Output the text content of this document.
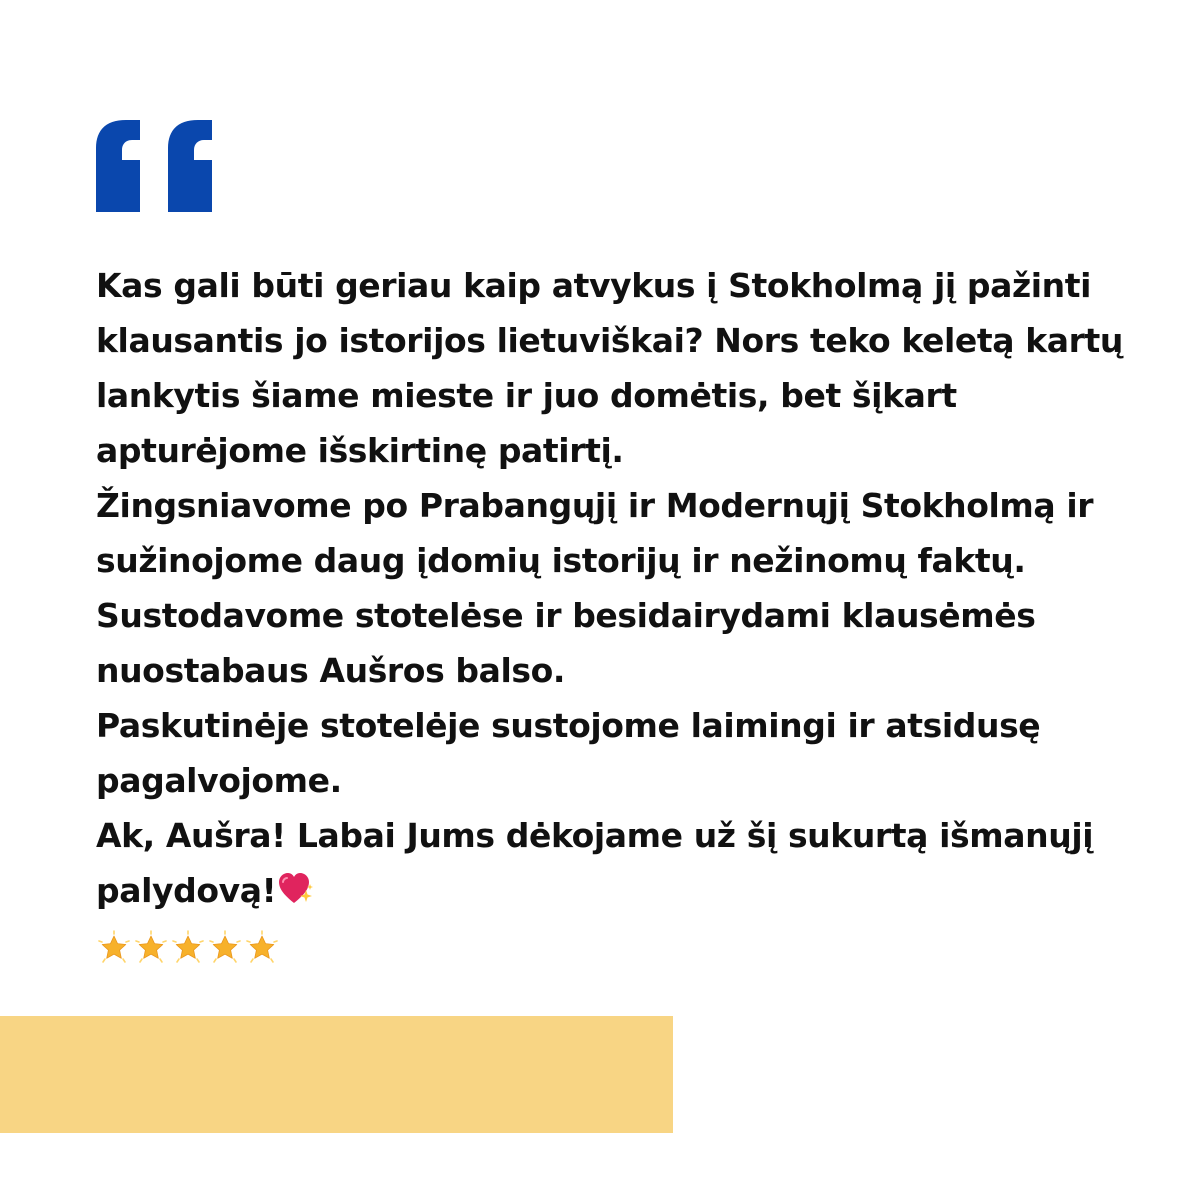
Kas gali būti geriau kaip atvykus į Stokholmą jį pažinti klausantis jo istorijos lietuviškai? Nors teko keletą kartų lankytis šiame mieste ir juo domėtis, bet šįkart apturėjome išskirtinę patirtį.

Žingsniavome po Prabangųjį ir Modernųjį Stokholmą ir sužinojome daug įdomių istorijų ir nežinomų faktų.

Sustodavome stotelėse ir besidairydami klausėmės nuostabaus Aušros balso.

Paskutinėje stotelėje sustojome laimingi ir atsidusę pagalvojome.

Ak, Aušra! Labai Jums dėkojame už šį sukurtą išmanųjį palydovą!
